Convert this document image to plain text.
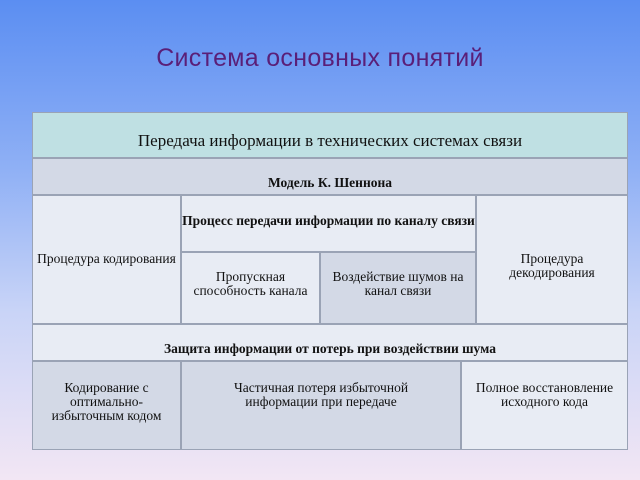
Система основных понятий
Передача информации в технических системах связи
Модель К. Шеннона
Процедура кодирования
Процесс передачи информации по каналу связи
Процедура декодирования
Пропускная способность канала
Воздействие шумов на канал связи
Защита информации от потерь при воздействии шума
Кодирование с оптимально-избыточным кодом
Частичная потеря избыточной информации при передаче
Полное восстановление исходного кода
